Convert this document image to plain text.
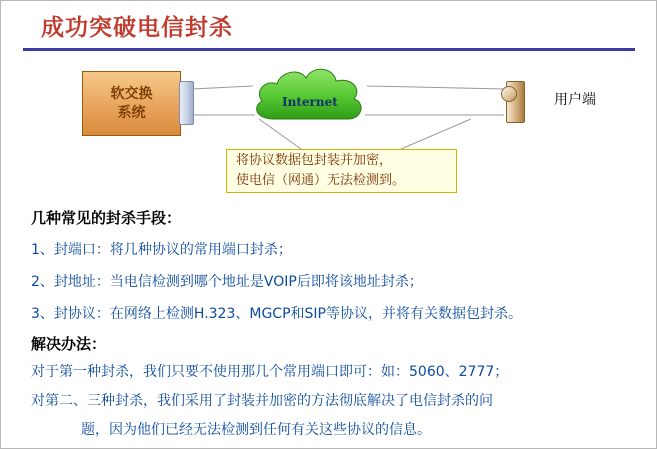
成功突破电信封杀
软交换
系统
Internet	用户端
将协议数据包封装并加密，
使电信（网通）无法检测到。
几种常见的封杀手段：
1、封端口：将几种协议的常用端口封杀；
2、封地址：当电信检测到哪个地址是VOIP后即将该地址封杀；
3、封协议：在网络上检测H.323、MGCP和SIP等协议，并将有关数据包封杀。
解决办法：
对于第一种封杀，我们只要不使用那几个常用端口即可：如：5060、2777；
对第二、三种封杀，我们采用了封装并加密的方法彻底解决了电信封杀的问
题，因为他们已经无法检测到任何有关这些协议的信息。
